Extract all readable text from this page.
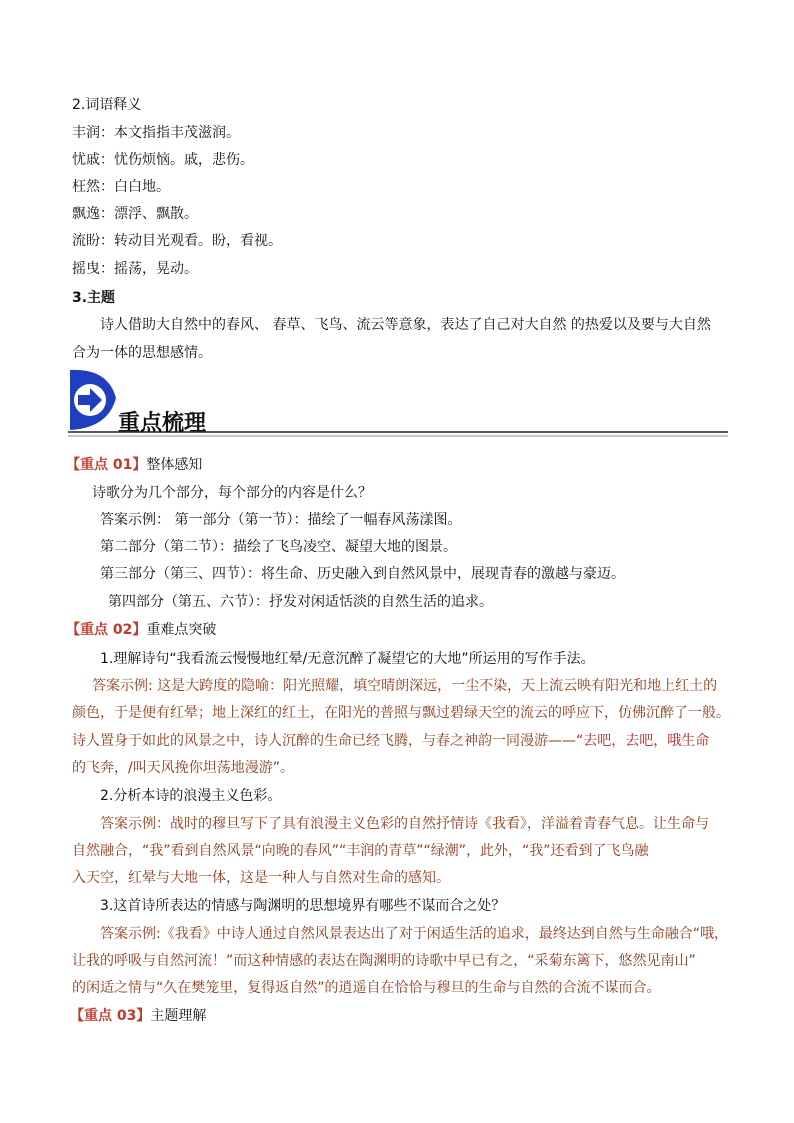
2.词语释义
丰润：本文指指丰茂滋润。
忧戚：忧伤烦恼。戚，悲伤。
枉然：白白地。
飘逸：漂浮、飘散。
流盼：转动目光观看。盼，看视。
摇曳：摇荡，晃动。
3.主题
诗人借助大自然中的春风、 春草、飞鸟、流云等意象，表达了自己对大自然 的热爱以及要与大自然
合为一体的思想感情。
重点梳理
【重点 01】整体感知
诗歌分为几个部分，每个部分的内容是什么？
答案示例： 第一部分（第一节）：描绘了一幅春风荡漾图。
第二部分（第二节）：描绘了飞鸟凌空、凝望大地的图景。
第三部分（第三、四节）：将生命、历史融入到自然风景中，展现青春的激越与豪迈。
第四部分（第五、六节）：抒发对闲适恬淡的自然生活的追求。
【重点 02】重难点突破
1.理解诗句“我看流云慢慢地红晕/无意沉醉了凝望它的大地”所运用的写作手法。
答案示例: 这是大跨度的隐喻：阳光照耀，填空晴朗深远，一尘不染，天上流云映有阳光和地上红土的
颜色，于是便有红晕；地上深红的红土，在阳光的普照与飘过碧绿天空的流云的呼应下，仿佛沉醉了一般。
诗人置身于如此的风景之中，诗人沉醉的生命已经飞腾，与春之神韵一同漫游——“去吧，去吧，哦生命
的飞奔，/叫天风挽你坦荡地漫游”。
2.分析本诗的浪漫主义色彩。
答案示例：战时的穆旦写下了具有浪漫主义色彩的自然抒情诗《我看》，洋溢着青春气息。让生命与
自然融合，“我”看到自然风景“向晚的春风”“丰润的青草”“绿潮”，此外，“我”还看到了飞鸟融
入天空，红晕与大地一体，这是一种人与自然对生命的感知。
3.这首诗所表达的情感与陶渊明的思想境界有哪些不谋而合之处？
答案示例:《我看》中诗人通过自然风景表达出了对于闲适生活的追求，最终达到自然与生命融合“哦，
让我的呼吸与自然河流！”而这种情感的表达在陶渊明的诗歌中早已有之，“采菊东篱下，悠然见南山”
的闲适之情与“久在樊笼里，复得返自然”的逍遥自在恰恰与穆旦的生命与自然的合流不谋而合。
【重点 03】主题理解
